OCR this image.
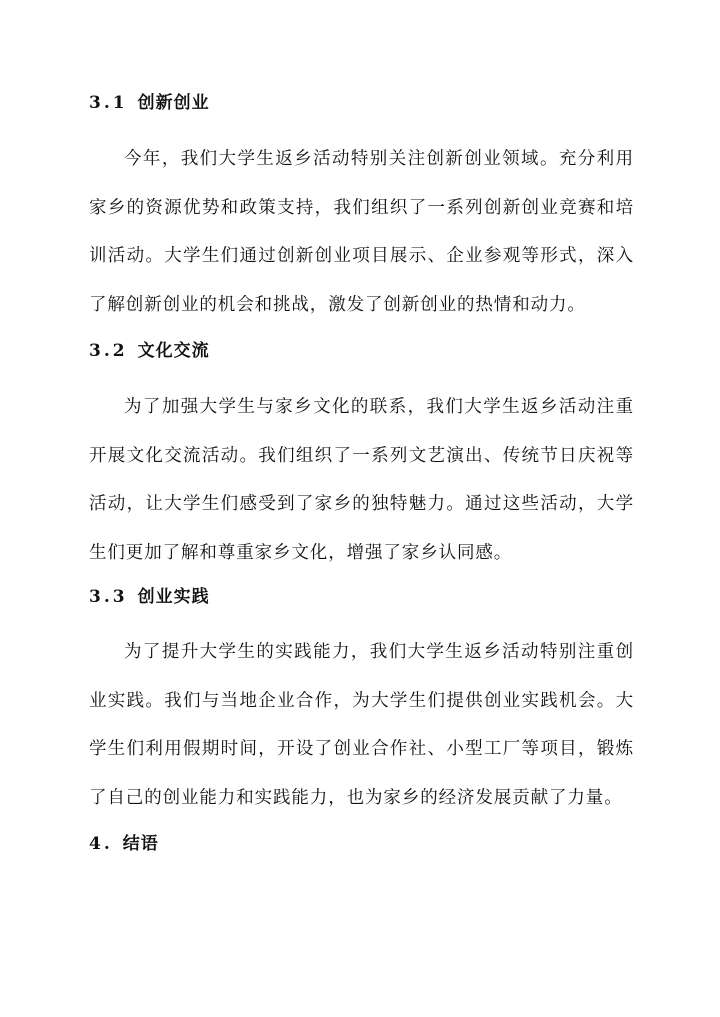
3.1 创新创业

今年，我们大学生返乡活动特别关注创新创业领域。充分利用家乡的资源优势和政策支持，我们组织了一系列创新创业竞赛和培训活动。大学生们通过创新创业项目展示、企业参观等形式，深入了解创新创业的机会和挑战，激发了创新创业的热情和动力。

3.2 文化交流

为了加强大学生与家乡文化的联系，我们大学生返乡活动注重开展文化交流活动。我们组织了一系列文艺演出、传统节日庆祝等活动，让大学生们感受到了家乡的独特魅力。通过这些活动，大学生们更加了解和尊重家乡文化，增强了家乡认同感。

3.3 创业实践

为了提升大学生的实践能力，我们大学生返乡活动特别注重创业实践。我们与当地企业合作，为大学生们提供创业实践机会。大学生们利用假期时间，开设了创业合作社、小型工厂等项目，锻炼了自己的创业能力和实践能力，也为家乡的经济发展贡献了力量。

4. 结语
